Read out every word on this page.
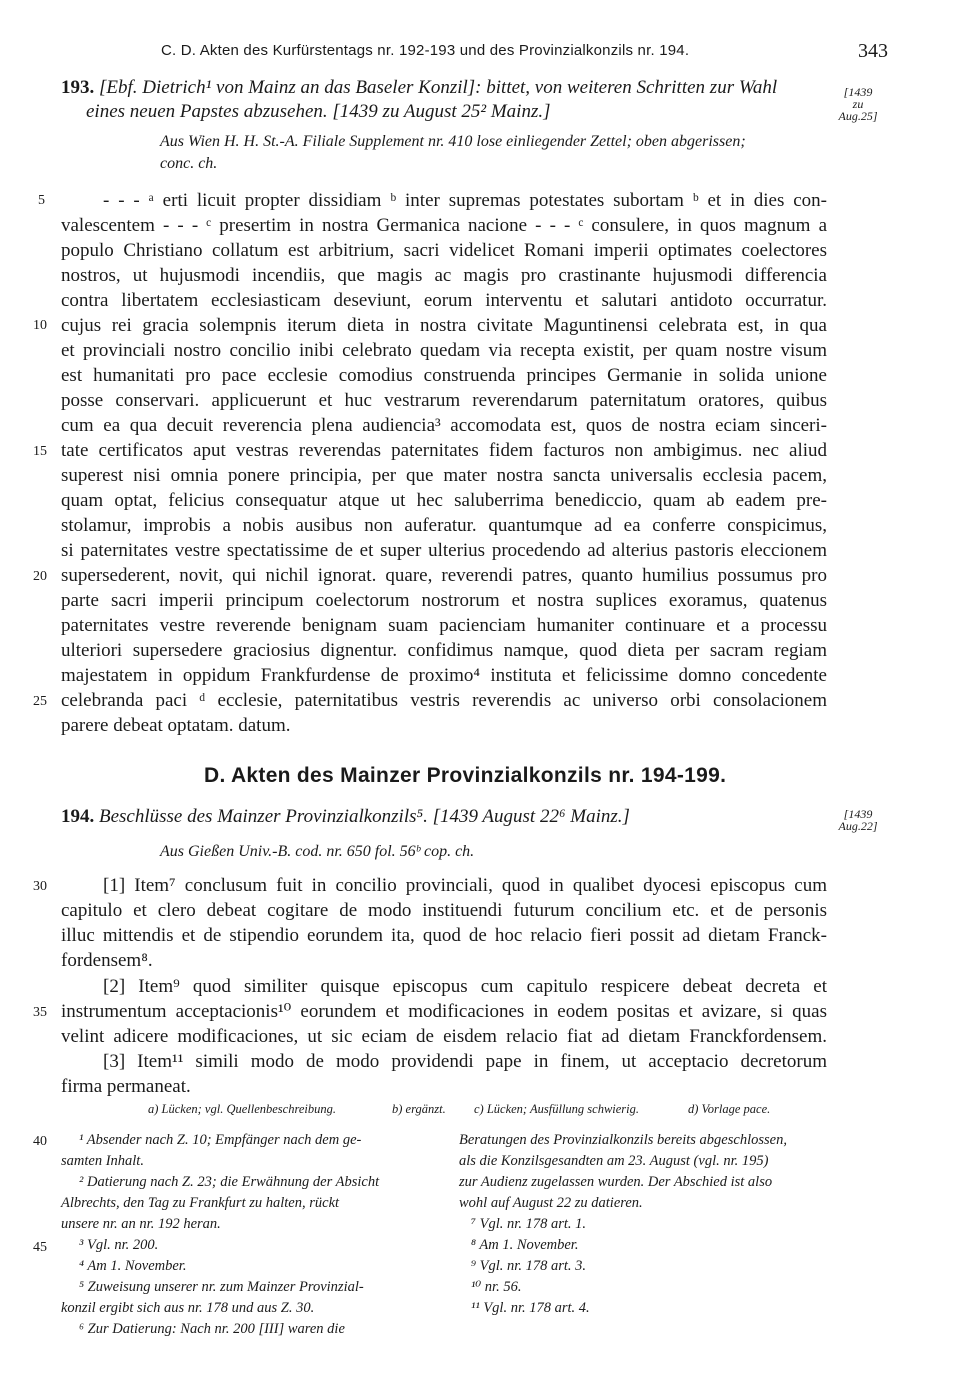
C. D. Akten des Kurfürstentags nr. 192-193 und des Provinzialkonzils nr. 194.	343
193. [Ebf. Dietrich¹ von Mainz an das Baseler Konzil]: bittet, von weiteren Schritten zur Wahl
eines neuen Papstes abzusehen. [1439 zu August 25² Mainz.]
[1439
zu
Aug.25]
Aus Wien H. H. St.-A. Filiale Supplement nr. 410 lose einliegender Zettel; oben abgerissen;
conc. ch.
5
10
15
20
25
30
35
40
45
- - - ᵃ erti licuit propter dissidiam ᵇ inter supremas potestates subortam ᵇ et in dies con-
valescentem - - - ᶜ presertim in nostra Germanica nacione - - - ᶜ consulere, in quos magnum a
populo Christiano collatum est arbitrium, sacri videlicet Romani imperii optimates coelectores
nostros, ut hujusmodi incendiis, que magis ac magis pro crastinante hujusmodi differencia
contra libertatem ecclesiasticam deseviunt, eorum interventu et salutari antidoto occurratur.
cujus rei gracia solempnis iterum dieta in nostra civitate Maguntinensi celebrata est, in qua
et provinciali nostro concilio inibi celebrato quedam via recepta existit, per quam nostre visum
est humanitati pro pace ecclesie comodius construenda principes Germanie in solida unione
posse conservari. applicuerunt et huc vestrarum reverendarum paternitatum oratores, quibus
cum ea qua decuit reverencia plena audiencia³ accomodata est, quos de nostra eciam sinceri-
tate certificatos aput vestras reverendas paternitates fidem facturos non ambigimus. nec aliud
superest nisi omnia ponere principia, per que mater nostra sancta universalis ecclesia pacem,
quam optat, felicius consequatur atque ut hec saluberrima benediccio, quam ab eadem pre-
stolamur, improbis a nobis ausibus non auferatur. quantumque ad ea conferre conspicimus,
si paternitates vestre spectatissime de et super ulterius procedendo ad alterius pastoris eleccionem
supersederent, novit, qui nichil ignorat. quare, reverendi patres, quanto humilius possumus pro
parte sacri imperii principum coelectorum nostrorum et nostra suplices exoramus, quatenus
paternitates vestre reverende benignam suam pacienciam humaniter continuare et a processu
ulteriori supersedere graciosius dignentur. confidimus namque, quod dieta per sacram regiam
majestatem in oppidum Frankfurdense de proximo⁴ instituta et felicissime domno concedente
celebranda paci ᵈ ecclesie, paternitatibus vestris reverendis ac universo orbi consolacionem
parere debeat optatam. datum.
D. Akten des Mainzer Provinzialkonzils nr. 194-199.
194. Beschlüsse des Mainzer Provinzialkonzils⁵. [1439 August 22⁶ Mainz.]	[1439
Aug.22]
Aus Gießen Univ.-B. cod. nr. 650 fol. 56ᵇ cop. ch.
[1] Item⁷ conclusum fuit in concilio provinciali, quod in qualibet dyocesi episcopus cum
capitulo et clero debeat cogitare de modo instituendi futurum concilium etc. et de personis
illuc mittendis et de stipendio eorundem ita, quod de hoc relacio fieri possit ad dietam Franck-
fordensem⁸.
[2] Item⁹ quod similiter quisque episcopus cum capitulo respicere debeat decreta et
instrumentum acceptacionis¹⁰ eorundem et modificaciones in eodem positas et avizare, si quas
velint adicere modificaciones, ut sic eciam de eisdem relacio fiat ad dietam Franckfordensem.
[3] Item¹¹ simili modo de modo providendi pape in finem, ut acceptacio decretorum
firma permaneat.
a) Lücken; vgl. Quellenbeschreibung.	b) ergänzt. c) Lücken; Ausfüllung schwierig.	d) Vorlage pace.
¹ Absender nach Z. 10; Empfänger nach dem ge-
samten Inhalt.
² Datierung nach Z. 23; die Erwähnung der Absicht
Albrechts, den Tag zu Frankfurt zu halten, rückt
unsere nr. an nr. 192 heran.
³ Vgl. nr. 200.
⁴ Am 1. November.
⁵ Zuweisung unserer nr. zum Mainzer Provinzial-
konzil ergibt sich aus nr. 178 und aus Z. 30.
⁶ Zur Datierung: Nach nr. 200 [III] waren die
Beratungen des Provinzialkonzils bereits abgeschlossen,
als die Konzilsgesandten am 23. August (vgl. nr. 195)
zur Audienz zugelassen wurden. Der Abschied ist also
wohl auf August 22 zu datieren.
⁷ Vgl. nr. 178 art. 1.
⁸ Am 1. November.
⁹ Vgl. nr. 178 art. 3.
¹⁰ nr. 56.
¹¹ Vgl. nr. 178 art. 4.
